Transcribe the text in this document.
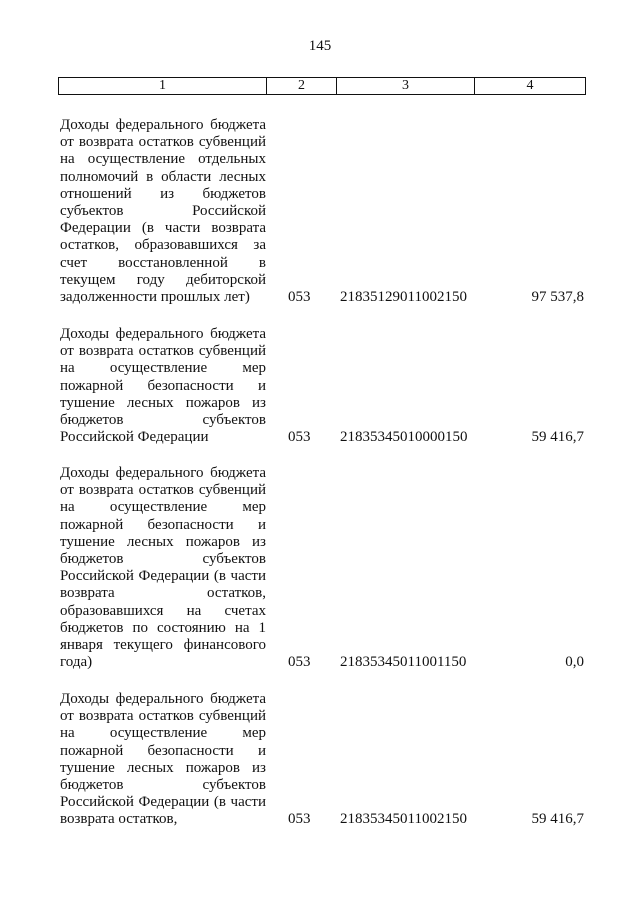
145
1	2	3	4
Доходы федерального бюджета
от возврата остатков субвенций
на осуществление отдельных
полномочий в области лесных
отношений из бюджетов
субъектов Российской
Федерации (в части возврата
остатков, образовавшихся за
счет восстановленной в
текущем году дебиторской
задолженности прошлых лет)	053 21835129011002150	97 537,8
Доходы федерального бюджета
от возврата остатков субвенций
на осуществление мер
пожарной безопасности и
тушение лесных пожаров из
бюджетов субъектов
Российской Федерации	053 21835345010000150	59 416,7
Доходы федерального бюджета
от возврата остатков субвенций
на осуществление мер
пожарной безопасности и
тушение лесных пожаров из
бюджетов субъектов
Российской Федерации (в части
возврата остатков,
образовавшихся на счетах
бюджетов по состоянию на 1
января текущего финансового
года)	053 21835345011001150	0,0
Доходы федерального бюджета
от возврата остатков субвенций
на осуществление мер
пожарной безопасности и
тушение лесных пожаров из
бюджетов субъектов
Российской Федерации (в части
возврата остатков,	053 21835345011002150	59 416,7
